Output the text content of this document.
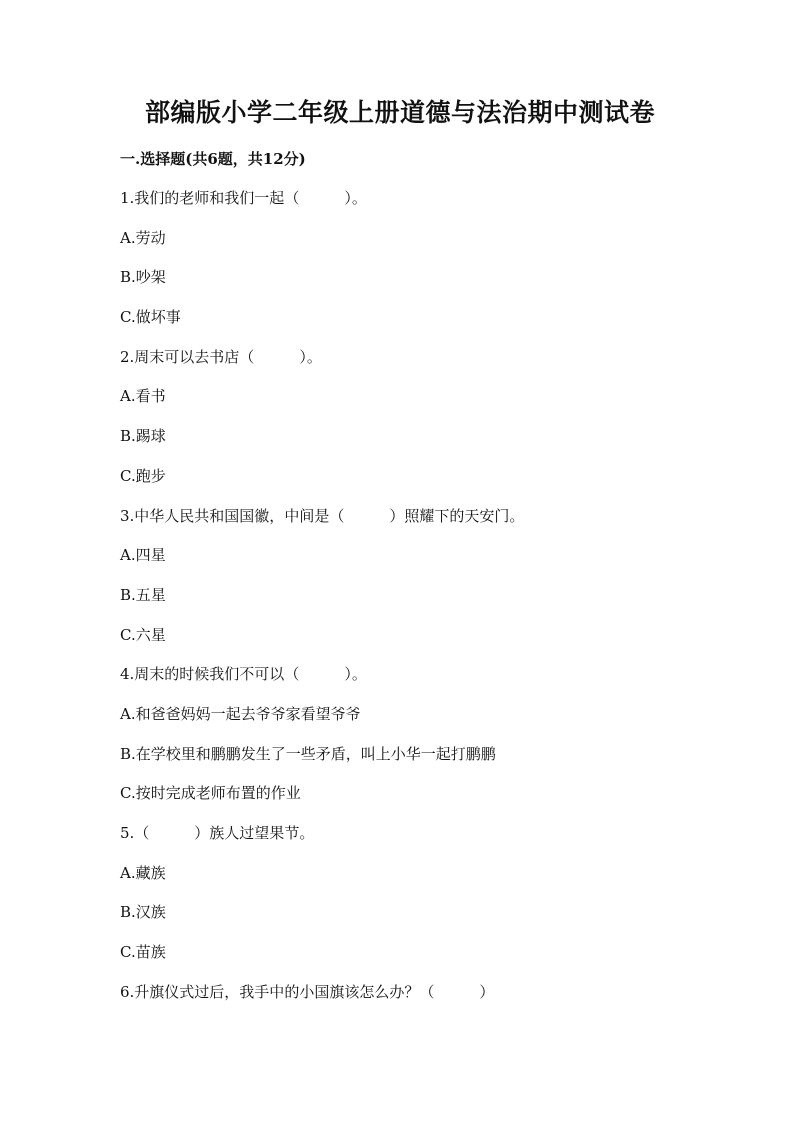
部编版小学二年级上册道德与法治期中测试卷
一.选择题(共6题，共12分)
1.我们的老师和我们一起（　　　）。
A.劳动
B.吵架
C.做坏事
2.周末可以去书店（　　　）。
A.看书
B.踢球
C.跑步
3.中华人民共和国国徽，中间是（　　　）照耀下的天安门。
A.四星
B.五星
C.六星
4.周末的时候我们不可以（　　　）。
A.和爸爸妈妈一起去爷爷家看望爷爷
B.在学校里和鹏鹏发生了一些矛盾，叫上小华一起打鹏鹏
C.按时完成老师布置的作业
5.（　　　）族人过望果节。
A.藏族
B.汉族
C.苗族
6.升旗仪式过后，我手中的小国旗该怎么办？（　　　）
